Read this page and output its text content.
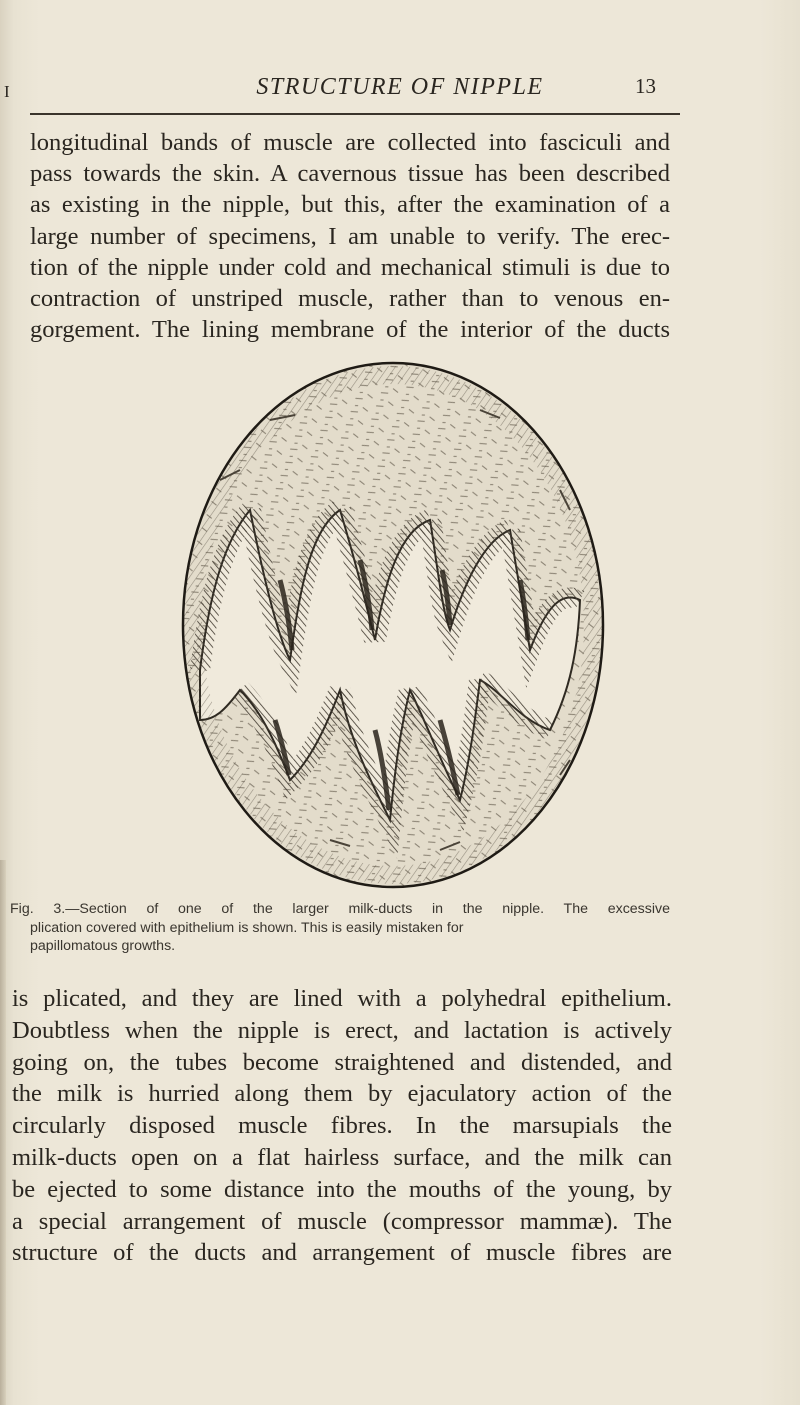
I	STRUCTURE OF NIPPLE	13
longitudinal bands of muscle are collected into fasciculi and
pass towards the skin. A cavernous tissue has been described
as existing in the nipple, but this, after the examination of a
large number of specimens, I am unable to verify. The erec-
tion of the nipple under cold and mechanical stimuli is due to
contraction of unstriped muscle, rather than to venous en-
gorgement. The lining membrane of the interior of the ducts
Fig. 3.—Section of one of the larger milk-ducts in the nipple. The excessive
plication covered with epithelium is shown. This is easily mistaken for
papillomatous growths.
is plicated, and they are lined with a polyhedral epithelium.
Doubtless when the nipple is erect, and lactation is actively
going on, the tubes become straightened and distended, and
the milk is hurried along them by ejaculatory action of the
circularly disposed muscle fibres. In the marsupials the
milk-ducts open on a flat hairless surface, and the milk can
be ejected to some distance into the mouths of the young, by
a special arrangement of muscle (compressor mammæ). The
structure of the ducts and arrangement of muscle fibres are
